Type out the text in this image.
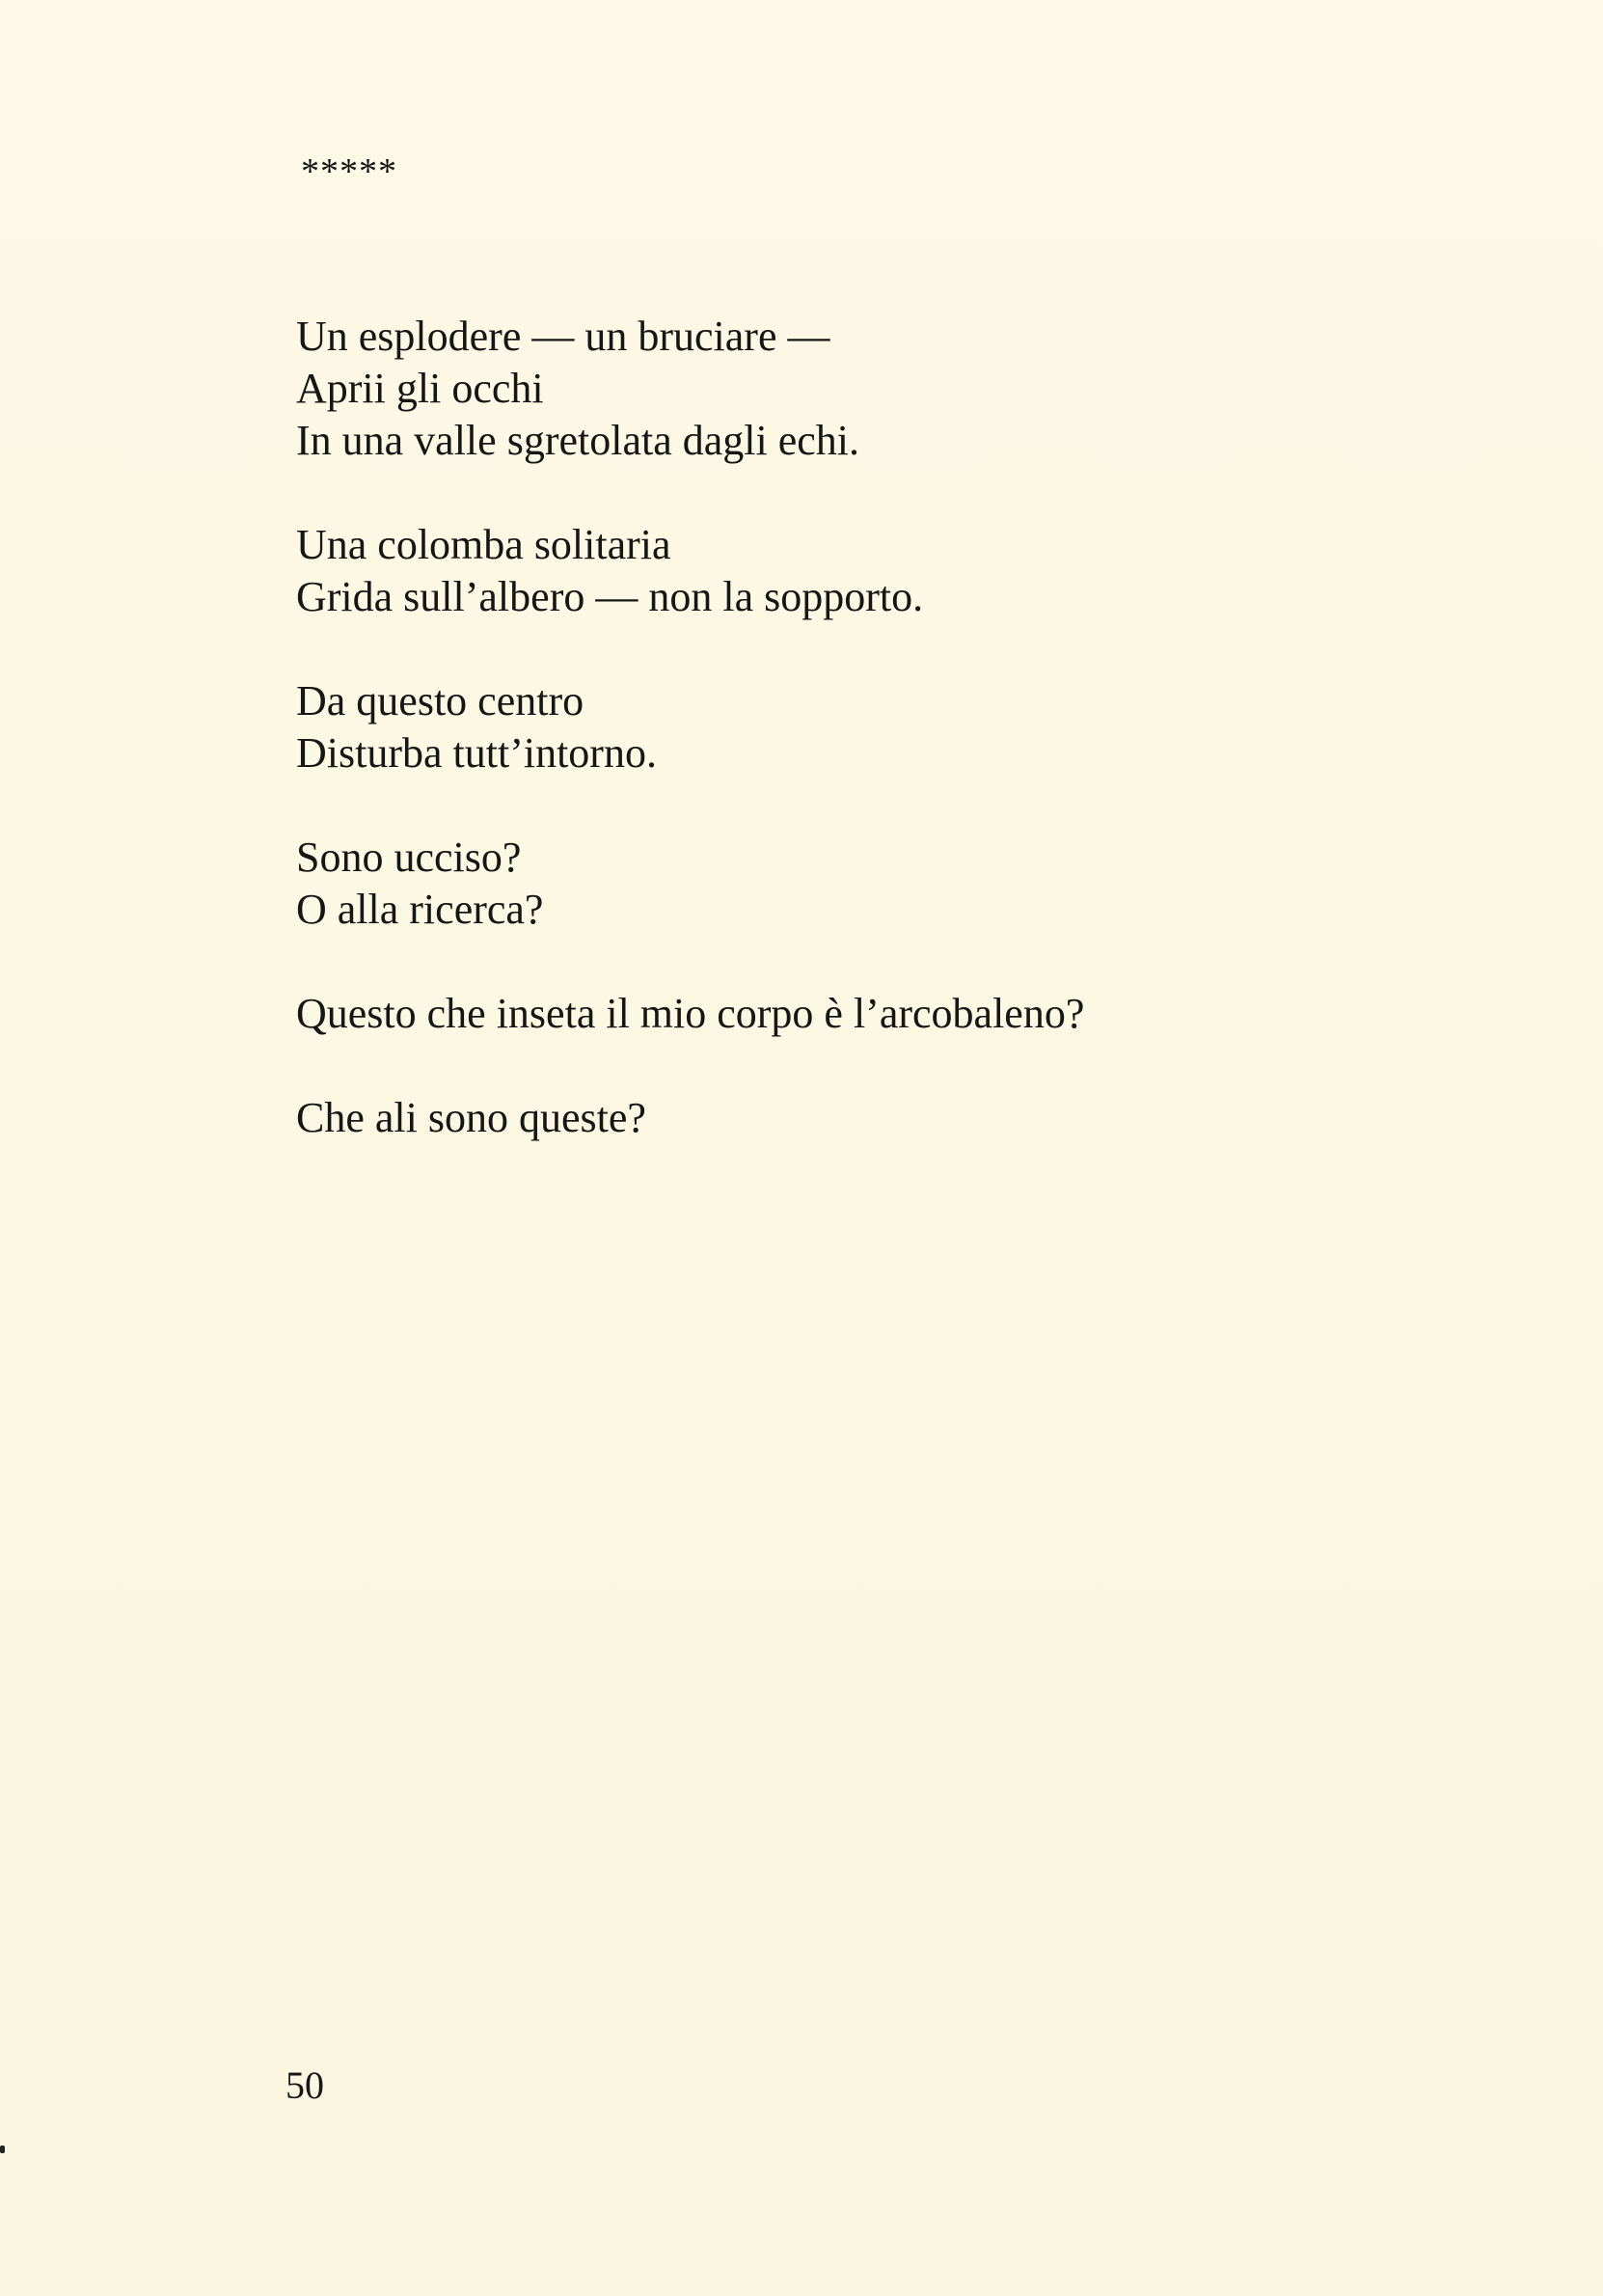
*****
Un esplodere — un bruciare —
Aprii gli occhi
In una valle sgretolata dagli echi.
Una colomba solitaria
Grida sull’albero — non la sopporto.
Da questo centro
Disturba tutt’intorno.
Sono ucciso?
O alla ricerca?
Questo che inseta il mio corpo è l’arcobaleno?
Che ali sono queste?
50
